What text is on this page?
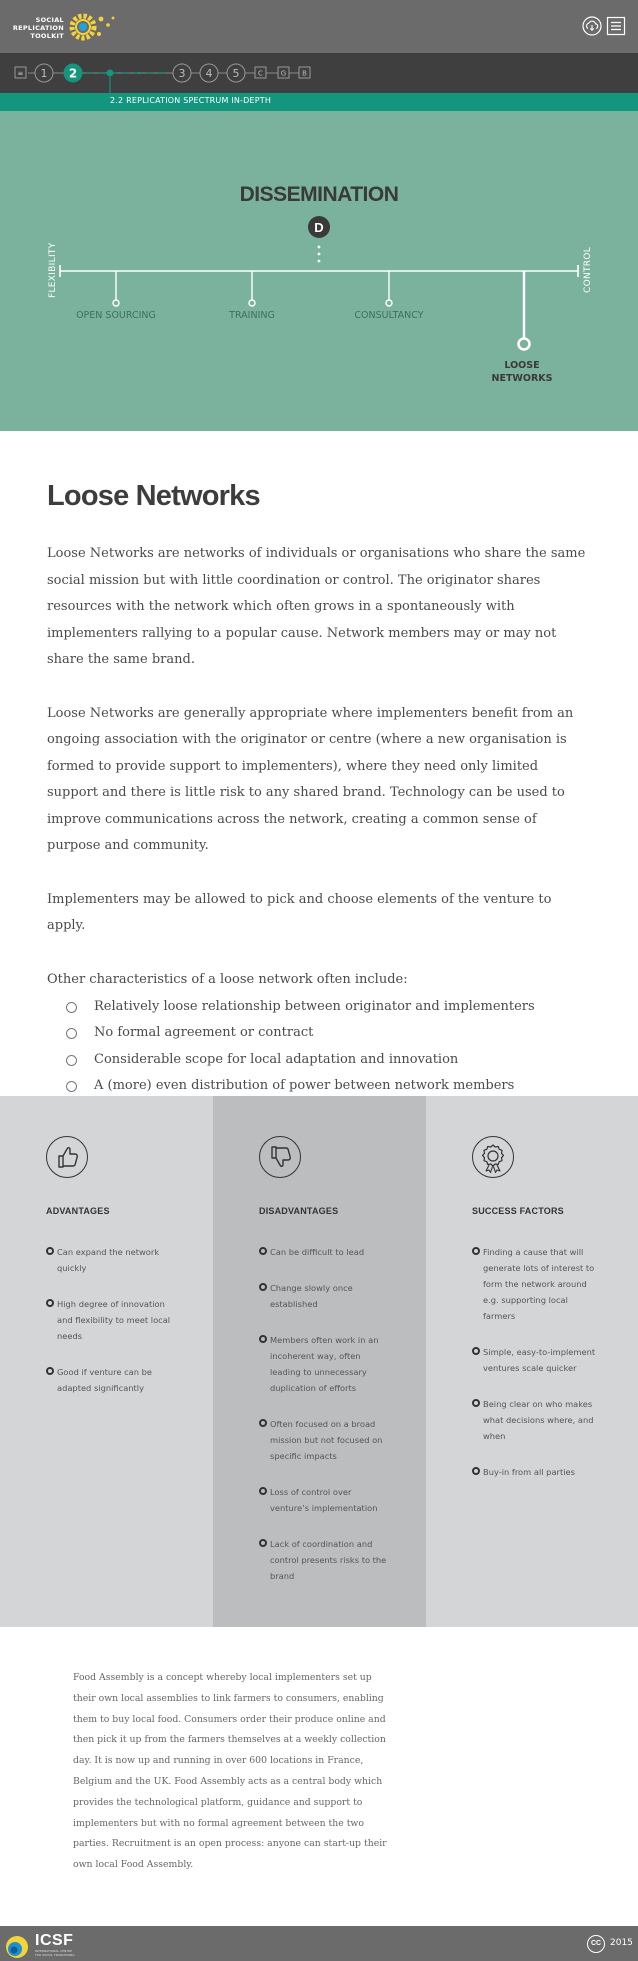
SOCIAL
REPLICATION
TOOLKIT
≡ 1 2	3 4 5	C	G B
2.2 REPLICATION SPECTRUM IN-DEPTH
DISSEMINATION
D
FLEXIBILITY	CONTROL
OPEN SOURCING	TRAINING	CONSULTANCY
LOOSE
NETWORKS
Loose Networks

Loose Networks are networks of individuals or organisations who share the same social mission but with little coordination or control. The originator shares resources with the network which often grows in a spontaneously with implementers rallying to a popular cause. Network members may or may not share the same brand.

Loose Networks are generally appropriate where implementers benefit from an ongoing association with the originator or centre (where a new organisation is formed to provide support to implementers), where they need only limited support and there is little risk to any shared brand. Technology can be used to improve communications across the network, creating a common sense of purpose and community.

Implementers may be allowed to pick and choose elements of the venture to apply.

Other characteristics of a loose network often include:

Relatively loose relationship between originator and implementers
No formal agreement or contract
Considerable scope for local adaptation and innovation
A (more) even distribution of power between network members
ADVANTAGES
Can expand the network quickly
High degree of innovation and flexibility to meet local needs
Good if venture can be adapted significantly
DISADVANTAGES
Can be difficult to lead
Change slowly once established
Members often work in an incoherent way, often leading to unnecessary duplication of efforts
Often focused on a broad mission but not focused on specific impacts
Loss of control over venture’s implementation
Lack of coordination and control presents risks to the brand
SUCCESS FACTORS
Finding a cause that will generate lots of interest to form the network around e.g. supporting local farmers
Simple, easy-to-implement ventures scale quicker
Being clear on who makes what decisions where, and when
Buy-in from all parties

Food Assembly is a concept whereby local implementers set up their own local assemblies to link farmers to consumers, enabling them to buy local food. Consumers order their produce online and then pick it up from the farmers themselves at a weekly collection day. It is now up and running in over 600 locations in France, Belgium and the UK. Food Assembly acts as a central body which provides the technological platform, guidance and support to implementers but with no formal agreement between the two parties. Recruitment is an open process: anyone can start-up their own local Food Assembly.

ICSF
INTERNATIONAL CENTRE FOR SOCIAL FRANCHISING
CC 2015
